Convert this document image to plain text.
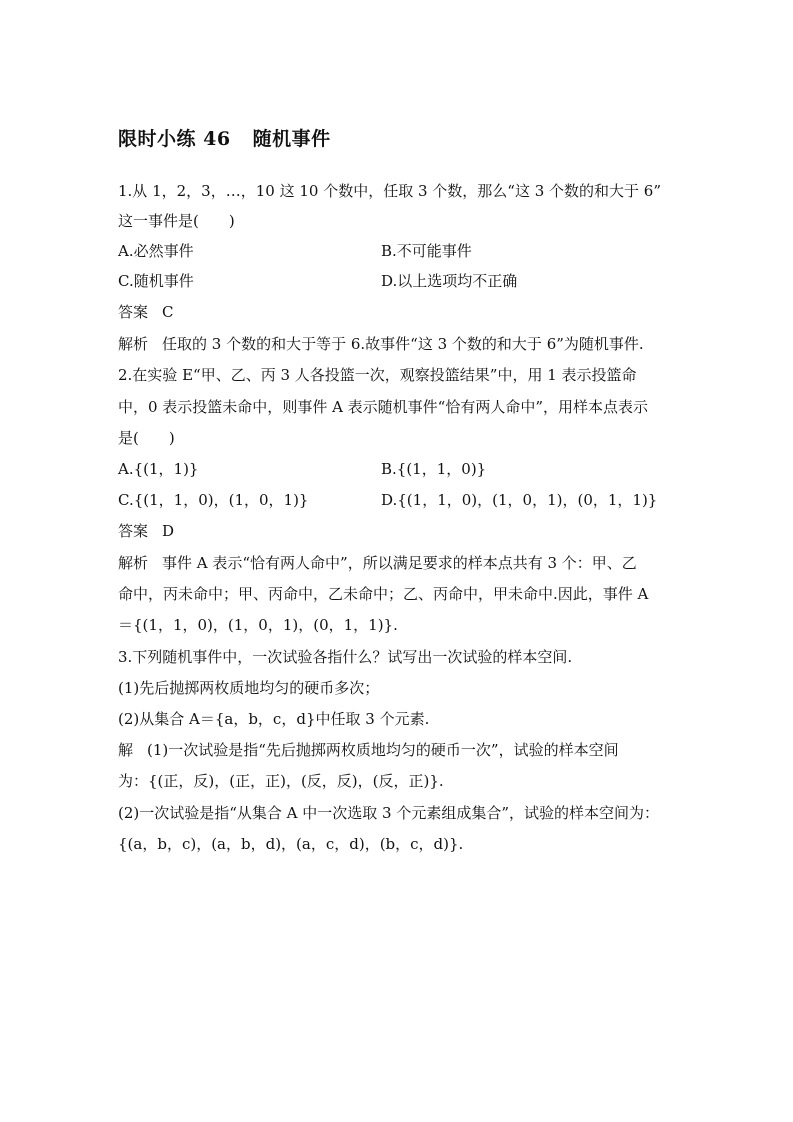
限时小练 46 随机事件
1.从 1，2，3，…，10 这 10 个数中，任取 3 个数，那么“这 3 个数的和大于 6”
这一事件是(　　)
A.必然事件	B.不可能事件
C.随机事件	D.以上选项均不正确
答案 C
解析 任取的 3 个数的和大于等于 6.故事件“这 3 个数的和大于 6”为随机事件.
2.在实验 E“甲、乙、丙 3 人各投篮一次，观察投篮结果”中，用 1 表示投篮命
中，0 表示投篮未命中，则事件 A 表示随机事件“恰有两人命中”，用样本点表示
是(　　)
A.{(1，1)}	B.{(1，1，0)}
C.{(1，1，0)，(1，0，1)}	D.{(1，1，0)，(1，0，1)，(0，1，1)}
答案 D
解析 事件 A 表示“恰有两人命中”，所以满足要求的样本点共有 3 个：甲、乙
命中，丙未命中；甲、丙命中，乙未命中；乙、丙命中，甲未命中.因此，事件 A
＝{(1，1，0)，(1，0，1)，(0，1，1)}.
3.下列随机事件中，一次试验各指什么？试写出一次试验的样本空间.
(1)先后抛掷两枚质地均匀的硬币多次；
(2)从集合 A＝{a，b，c，d}中任取 3 个元素.
解 (1)一次试验是指“先后抛掷两枚质地均匀的硬币一次”，试验的样本空间
为：{(正，反)，(正，正)，(反，反)，(反，正)}.
(2)一次试验是指“从集合 A 中一次选取 3 个元素组成集合”，试验的样本空间为：
{(a，b，c)，(a，b，d)，(a，c，d)，(b，c，d)}.
